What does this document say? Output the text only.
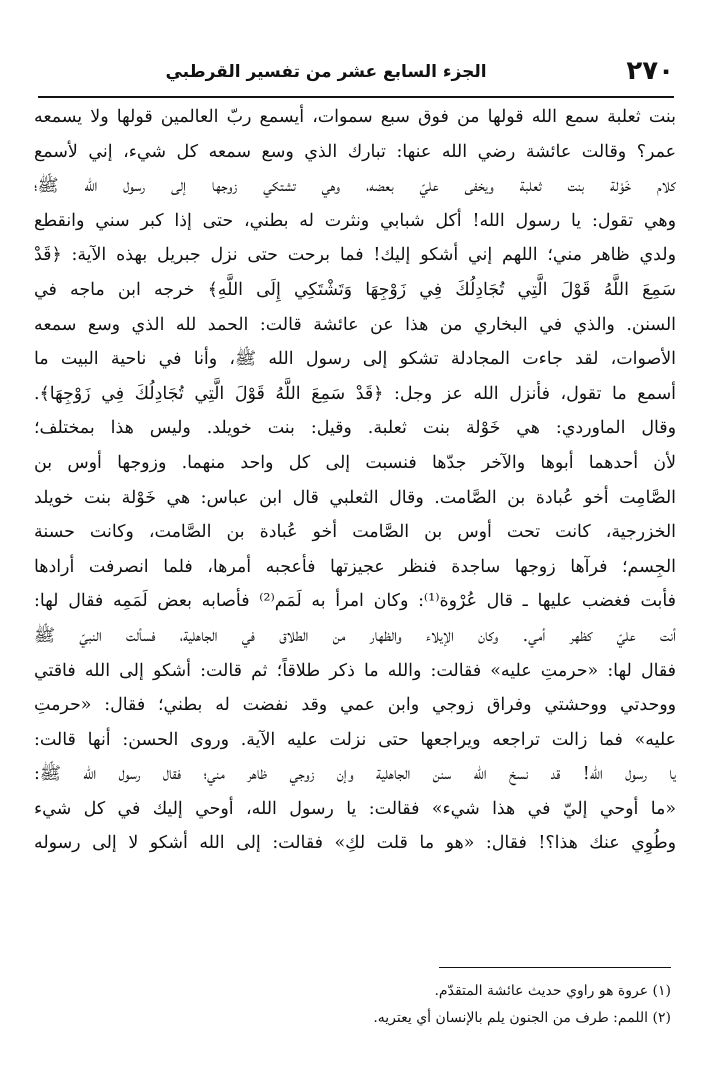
٢٧٠
الجزء السابع عشر من تفسير القرطبي
بنت ثعلبة سمع الله قولها من فوق سبع سموات، أيسمع ربّ العالمين قولها ولا يسمعه
عمر؟ وقالت عائشة رضي الله عنها: تبارك الذي وسع سمعه كل شيء، إني لأسمع
كلام خَوْلة بنت ثعلبة ويخفى عليّ بعضه، وهي تشتكي زوجها إلى رسول الله ﷺ؛
وهي تقول: يا رسول الله! أكل شبابي ونثرت له بطني، حتى إذا كبر سني وانقطع
ولدي ظاهر مني؛ اللهم إني أشكو إليك! فما برحت حتى نزل جبريل بهذه الآية: ﴿قَدْ
سَمِعَ اللَّهُ قَوْلَ الَّتِي تُجَادِلُكَ فِي زَوْجِهَا وَتَشْتَكِي إِلَى اللَّهِ﴾ خرجه ابن ماجه في
السنن. والذي في البخاري من هذا عن عائشة قالت: الحمد لله الذي وسع سمعه
الأصوات، لقد جاءت المجادلة تشكو إلى رسول الله ﷺ، وأنا في ناحية البيت ما
أسمع ما تقول، فأنزل الله عز وجل: ﴿قَدْ سَمِعَ اللَّهُ قَوْلَ الَّتِي تُجَادِلُكَ فِي زَوْجِهَا﴾.
وقال الماوردي: هي خَوْلة بنت ثعلبة. وقيل: بنت خويلد. وليس هذا بمختلف؛
لأن أحدهما أبوها والآخر جدّها فنسبت إلى كل واحد منهما. وزوجها أوس بن
الصَّامِت أخو عُبادة بن الصَّامت. وقال الثعلبي قال ابن عباس: هي خَوْلة بنت خويلد
الخزرجية، كانت تحت أوس بن الصَّامت أخو عُبادة بن الصَّامت، وكانت حسنة
الجِسم؛ فرآها زوجها ساجدة فنظر عجيزتها فأعجبه أمرها، فلما انصرفت أرادها
فأبت فغضب عليها ـ قال عُرْوة⁽¹⁾: وكان امرأ به لَمَم⁽²⁾ فأصابه بعض لَمَمِه فقال لها:
أنت عليّ كظهر أمي. وكان الإيلاء والظهار من الطلاق في الجاهلية، فسألت النبيّ ﷺ
فقال لها: «حرمتِ عليه» فقالت: والله ما ذكر طلاقاً؛ ثم قالت: أشكو إلى الله فاقتي
ووحدتي ووحشتي وفراق زوجي وابن عمي وقد نفضت له بطني؛ فقال: «حرمتِ
عليه» فما زالت تراجعه ويراجعها حتى نزلت عليه الآية. وروى الحسن: أنها قالت:
يا رسول الله! قد نسخ الله سنن الجاهلية وإن زوجي ظاهر مني؛ فقال رسول الله ﷺ:
«ما أوحي إليّ في هذا شيء» فقالت: يا رسول الله، أوحي إليك في كل شيء
وطُوِي عنك هذا؟! فقال: «هو ما قلت لكِ» فقالت: إلى الله أشكو لا إلى رسوله
(١) عروة هو راوي حديث عائشة المتقدّم.
(٢) اللمم: طرف من الجنون يلم بالإنسان أي يعتريه.
